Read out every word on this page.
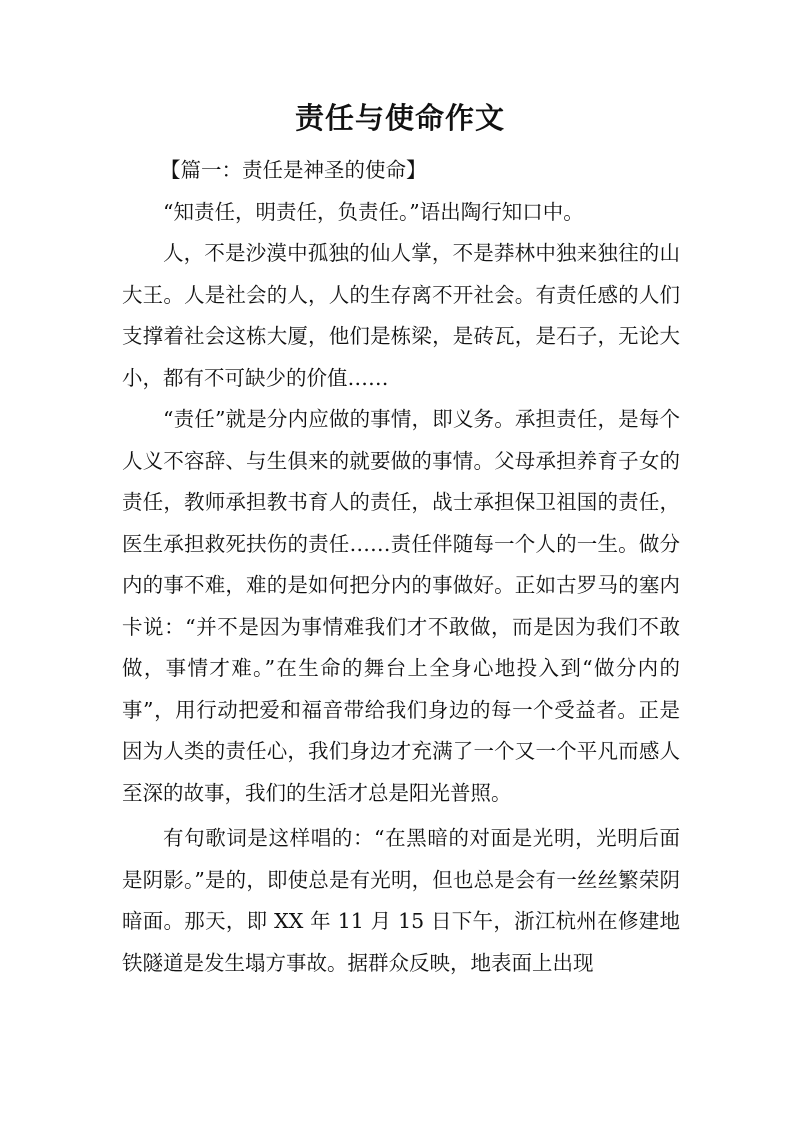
责任与使命作文

【篇一：责任是神圣的使命】

“知责任，明责任，负责任。”语出陶行知口中。

人，不是沙漠中孤独的仙人掌，不是莽林中独来独往的山大王。人是社会的人，人的生存离不开社会。有责任感的人们支撑着社会这栋大厦，他们是栋梁，是砖瓦，是石子，无论大小，都有不可缺少的价值……

“责任”就是分内应做的事情，即义务。承担责任，是每个人义不容辞、与生俱来的就要做的事情。父母承担养育子女的责任，教师承担教书育人的责任，战士承担保卫祖国的责任，医生承担救死扶伤的责任……责任伴随每一个人的一生。做分内的事不难，难的是如何把分内的事做好。正如古罗马的塞内卡说：“并不是因为事情难我们才不敢做，而是因为我们不敢做，事情才难。”在生命的舞台上全身心地投入到“做分内的事”，用行动把爱和福音带给我们身边的每一个受益者。正是因为人类的责任心，我们身边才充满了一个又一个平凡而感人至深的故事，我们的生活才总是阳光普照。

有句歌词是这样唱的：“在黑暗的对面是光明，光明后面是阴影。”是的，即使总是有光明，但也总是会有一丝丝繁荣阴暗面。那天，即 XX 年 11 月 15 日下午，浙江杭州在修建地铁隧道是发生塌方事故。据群众反映，地表面上出现
